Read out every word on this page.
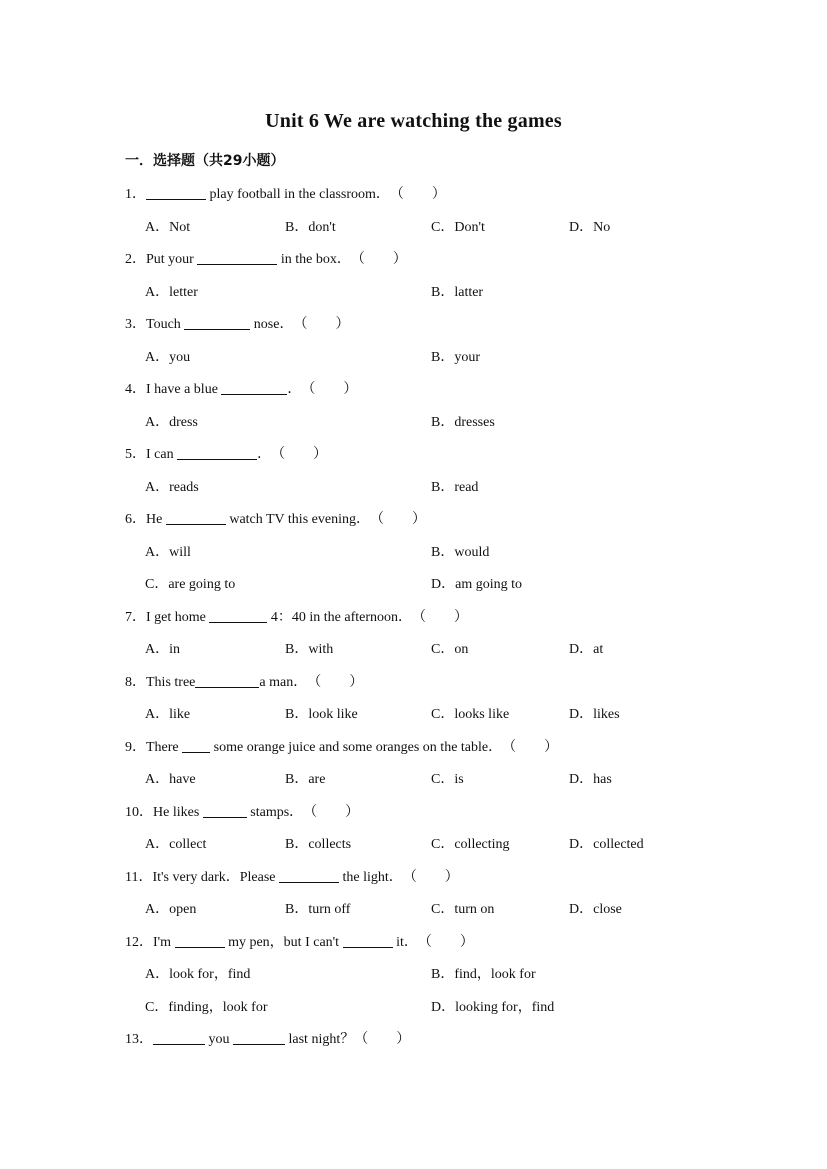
Unit 6 We are watching the games
一．选择题（共29小题）
1．	play football in the classroom．（　　）
A．Not	B．don't	C．Don't	D．No
2．Put your	in the box．（　　）
A．letter	B．latter
3．Touch	nose．（　　）
A．you	B．your
4．I have a blue	．（　　）
A．dress	B．dresses
5．I can	．（　　）
A．reads	B．read
6．He	watch TV this evening．（　　）
A．will	B．would
C．are going to	D．am going to
7．I get home	4：40 in the afternoon．（　　）
A．in	B．with	C．on	D．at
8．This tree	a man．（　　）
A．like	B．look like	C．looks like	D．likes
9．There  some orange juice and some oranges on the table．（　　）
A．have	B．are	C．is	D．has
10．He likes	stamps．（　　）
A．collect	B．collects	C．collecting	D．collected
11．It's very dark．Please	the light．（　　）
A．open	B．turn off	C．turn on	D．close
12．I'm	my pen，but I can't	it．（　　）
A．look for，find	B．find，look for
C．finding，look for	D．looking for，find
13．	you	last night？（　　）
